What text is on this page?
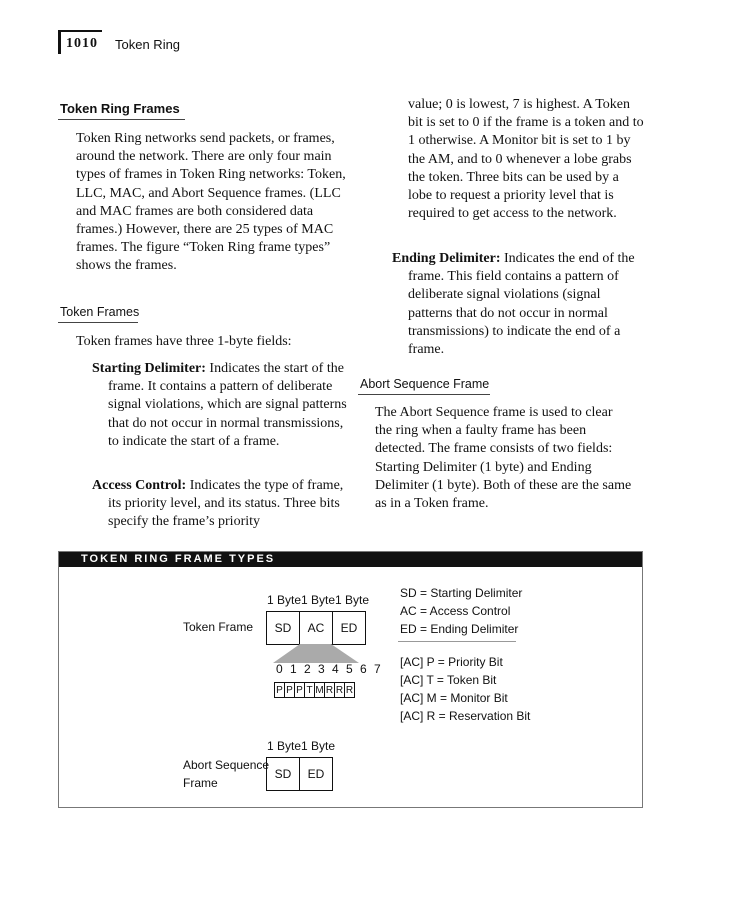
1010 Token Ring
Token Ring Frames

Token Ring networks send packets, or frames, around the network. There are only four main types of frames in Token Ring networks: Token, LLC, MAC, and Abort Sequence frames. (LLC and MAC frames are both considered data frames.) However, there are 25 types of MAC frames. The figure “Token Ring frame types” shows the frames.

Token Frames

Token frames have three 1-byte fields:

Starting Delimiter: Indicates the start of the frame. It contains a pattern of deliberate signal violations, which are signal patterns that do not occur in normal transmissions, to indicate the start of a frame.

Access Control: Indicates the type of frame, its priority level, and its status. Three bits specify the frame’s priority

value; 0 is lowest, 7 is highest. A Token bit is set to 0 if the frame is a token and to 1 otherwise. A Monitor bit is set to 1 by the AM, and to 0 whenever a lobe grabs the token. Three bits can be used by a lobe to request a priority level that is required to get access to the network.

Ending Delimiter: Indicates the end of the frame. This field contains a pattern of deliberate signal violations (signal patterns that do not occur in normal transmissions) to indicate the end of a frame.

Abort Sequence Frame

The Abort Sequence frame is used to clear the ring when a faulty frame has been detected. The frame consists of two fields: Starting Delimiter (1 byte) and Ending Delimiter (1 byte). Both of these are the same as in a Token frame.

TOKEN RING FRAME TYPES
Token Frame
1 Byte 1 Byte 1 Byte
SD	AC	ED
0 1 2 3 4 5 6 7
P P P T M R R R
Abort Sequence
Frame
1 Byte 1 Byte
SD	ED
SD = Starting Delimiter
AC = Access Control
ED = Ending Delimiter
[AC] P = Priority Bit
[AC] T = Token Bit
[AC] M = Monitor Bit
[AC] R = Reservation Bit
